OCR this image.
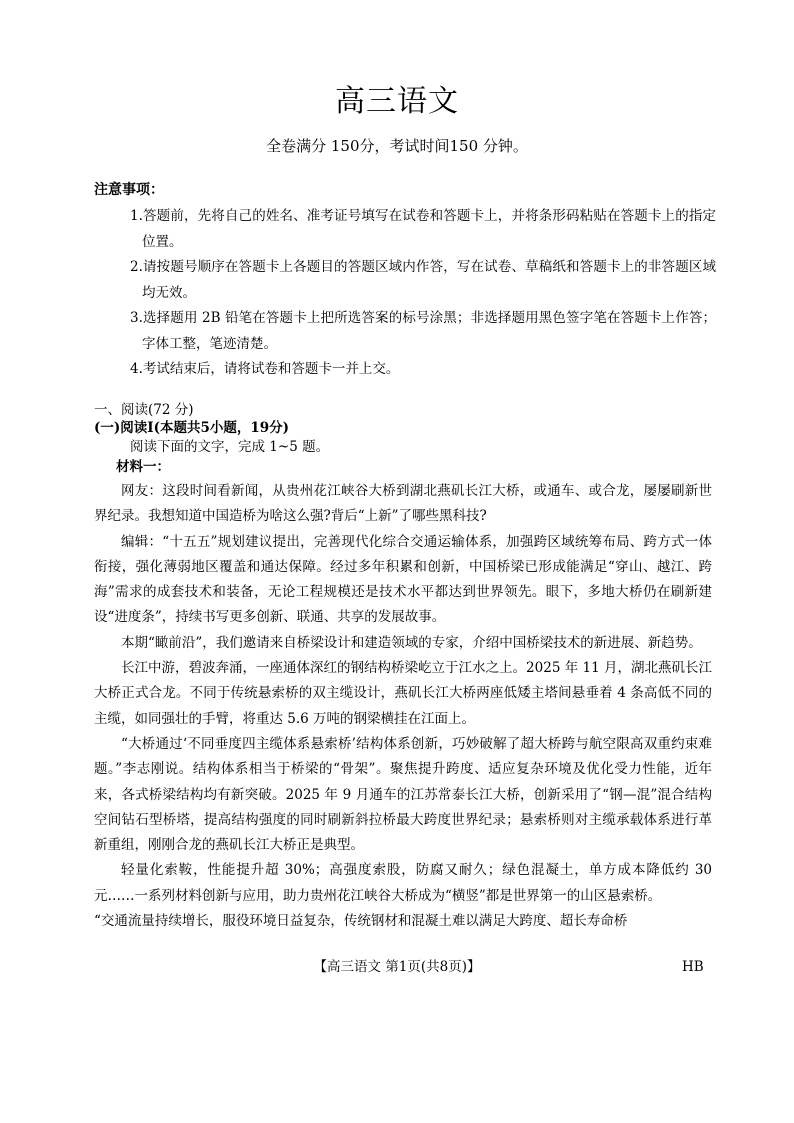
高三语文
全卷满分 150分，考试时间150 分钟。
注意事项：
1.答题前，先将自己的姓名、准考证号填写在试卷和答题卡上，并将条形码粘贴在答题卡上的指定位置。
2.请按题号顺序在答题卡上各题目的答题区域内作答，写在试卷、草稿纸和答题卡上的非答题区域均无效。
3.选择题用 2B 铅笔在答题卡上把所选答案的标号涂黑；非选择题用黑色签字笔在答题卡上作答；字体工整，笔迹清楚。
4.考试结束后，请将试卷和答题卡一并上交。
一、阅读(72 分)
(一)阅读Ⅰ(本题共5小题，19分)
阅读下面的文字，完成 1~5 题。
材料一：

网友：这段时间看新闻，从贵州花江峡谷大桥到湖北燕矶长江大桥，或通车、或合龙，屡屡刷新世界纪录。我想知道中国造桥为啥这么强?背后“上新”了哪些黑科技?

编辑：“十五五”规划建议提出，完善现代化综合交通运输体系，加强跨区域统筹布局、跨方式一体衔接，强化薄弱地区覆盖和通达保障。经过多年积累和创新，中国桥梁已形成能满足“穿山、越江、跨海”需求的成套技术和装备，无论工程规模还是技术水平都达到世界领先。眼下，多地大桥仍在刷新建设“进度条”，持续书写更多创新、联通、共享的发展故事。

本期“瞰前沿”，我们邀请来自桥梁设计和建造领域的专家，介绍中国桥梁技术的新进展、新趋势。

长江中游，碧波奔涌，一座通体深红的钢结构桥梁屹立于江水之上。2025 年 11 月，湖北燕矶长江大桥正式合龙。不同于传统悬索桥的双主缆设计，燕矶长江大桥两座低矮主塔间悬垂着 4 条高低不同的主缆，如同强壮的手臂，将重达 5.6 万吨的钢梁横挂在江面上。

“大桥通过‘不同垂度四主缆体系悬索桥’结构体系创新，巧妙破解了超大桥跨与航空限高双重约束难题。”李志刚说。结构体系相当于桥梁的“骨架”。聚焦提升跨度、适应复杂环境及优化受力性能，近年来，各式桥梁结构均有新突破。2025 年 9 月通车的江苏常泰长江大桥，创新采用了“钢—混”混合结构空间钻石型桥塔，提高结构强度的同时刷新斜拉桥最大跨度世界纪录；悬索桥则对主缆承载体系进行革新重组，刚刚合龙的燕矶长江大桥正是典型。

轻量化索鞍，性能提升超 30%；高强度索股，防腐又耐久；绿色混凝土，单方成本降低约 30 元……一系列材料创新与应用，助力贵州花江峡谷大桥成为“横竖”都是世界第一的山区悬索桥。

“交通流量持续增长，服役环境日益复杂，传统钢材和混凝土难以满足大跨度、超长寿命桥

【高三语文 第1页(共8页)】	HB
